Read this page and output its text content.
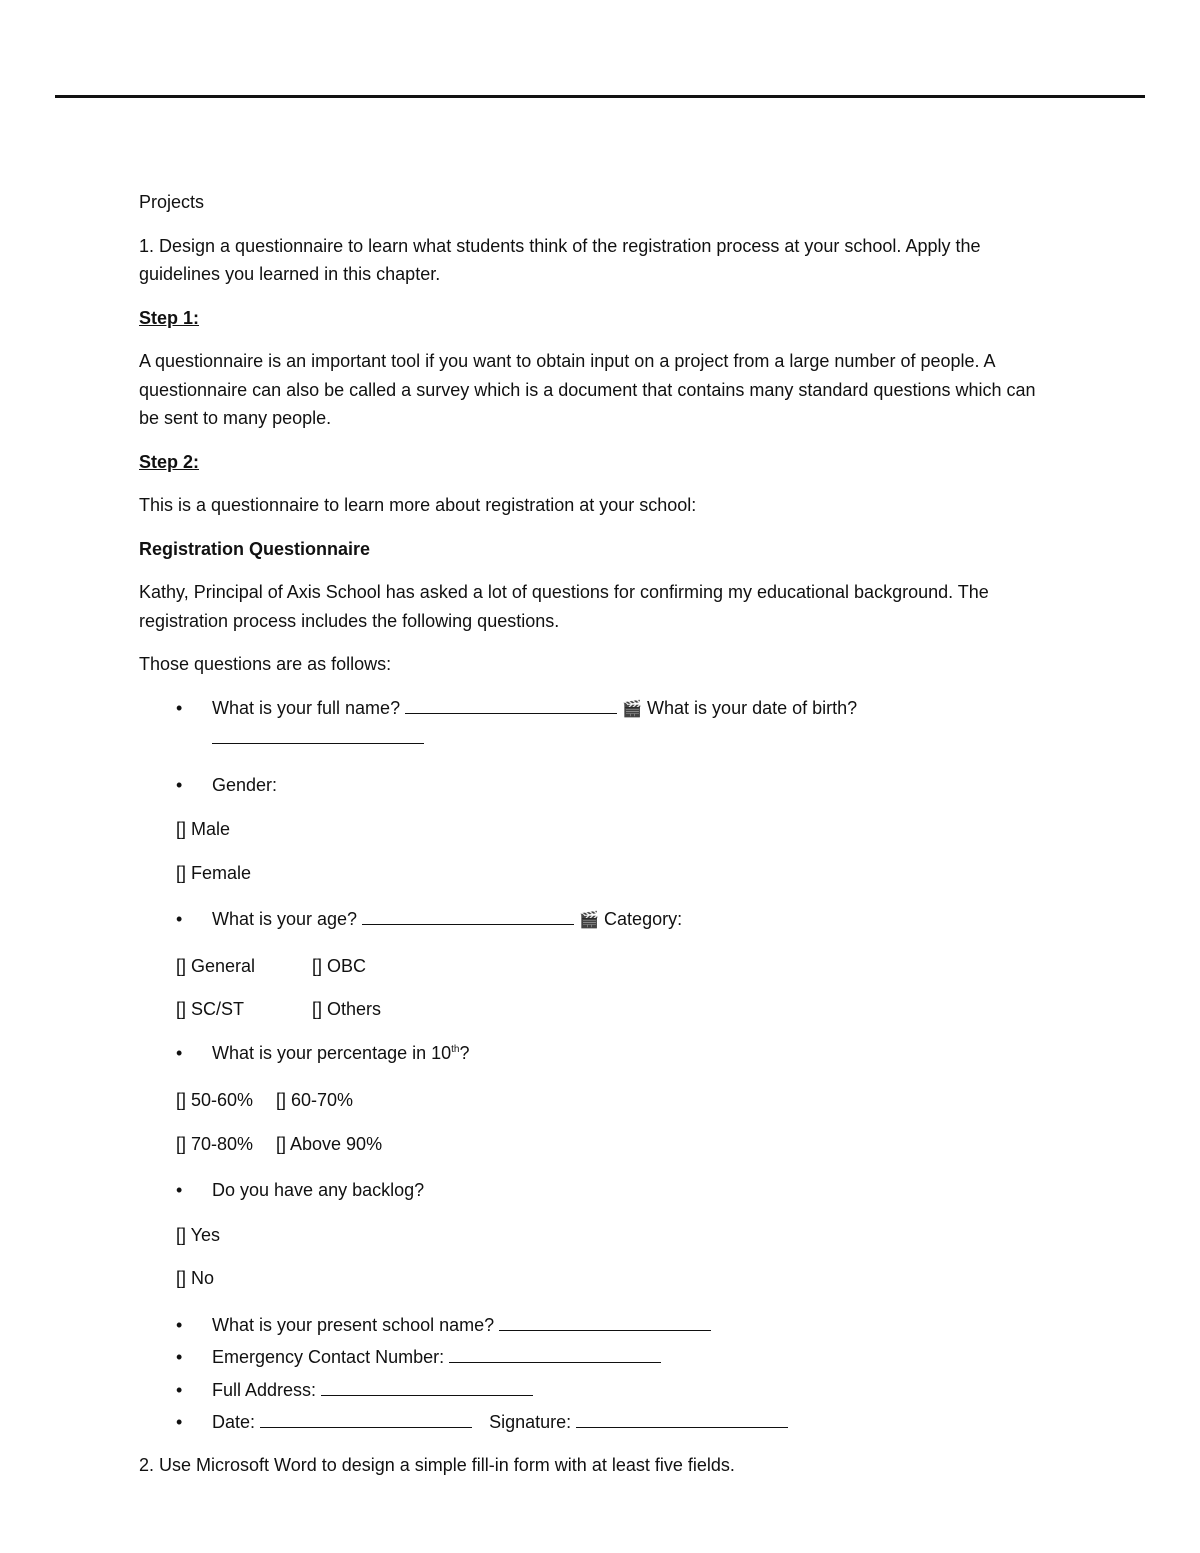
Projects

1. Design a questionnaire to learn what students think of the registration process at your school. Apply the guidelines you learned in this chapter.

Step 1:

A questionnaire is an important tool if you want to obtain input on a project from a large number of people. A questionnaire can also be called a survey which is a document that contains many standard questions which can be sent to many people.

Step 2:

This is a questionnaire to learn more about registration at your school:

Registration Questionnaire

Kathy, Principal of Axis School has asked a lot of questions for confirming my educational background. The registration process includes the following questions.

Those questions are as follows:

• What is your full name?	🎬 What is your date of birth?

• Gender:

[] Male

[] Female

• What is your age?	🎬 Category:

[] General	[] OBC

[] SC/ST	[] Others

• What is your percentage in 10th?

[] 50-60% [] 60-70%

[] 70-80% [] Above 90%

• Do you have any backlog?

[] Yes

[] No

• What is your present school name?
• Emergency Contact Number:
• Full Address:
• Date:	Signature:

2. Use Microsoft Word to design a simple fill-in form with at least five fields.
